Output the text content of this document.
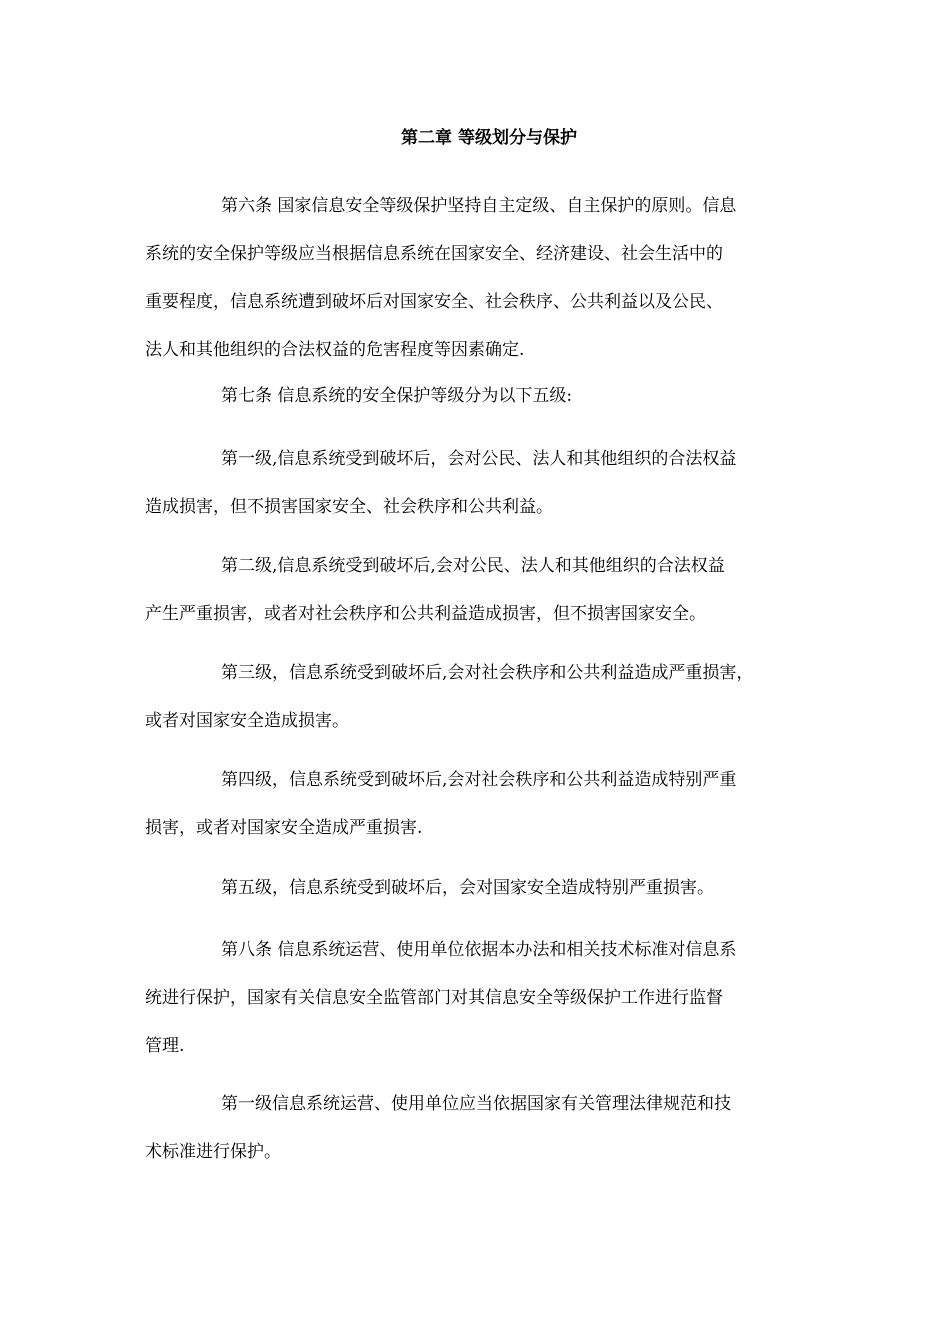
第二章 等级划分与保护
第六条 国家信息安全等级保护坚持自主定级、自主保护的原则。信息
系统的安全保护等级应当根据信息系统在国家安全、经济建设、社会生活中的
重要程度，信息系统遭到破坏后对国家安全、社会秩序、公共利益以及公民、
法人和其他组织的合法权益的危害程度等因素确定.
第七条 信息系统的安全保护等级分为以下五级:
第一级,信息系统受到破坏后，会对公民、法人和其他组织的合法权益
造成损害，但不损害国家安全、社会秩序和公共利益。
第二级,信息系统受到破坏后,会对公民、法人和其他组织的合法权益
产生严重损害，或者对社会秩序和公共利益造成损害，但不损害国家安全。
第三级，信息系统受到破坏后,会对社会秩序和公共利益造成严重损害，
或者对国家安全造成损害。
第四级，信息系统受到破坏后,会对社会秩序和公共利益造成特别严重
损害，或者对国家安全造成严重损害.
第五级，信息系统受到破坏后，会对国家安全造成特别严重损害。
第八条 信息系统运营、使用单位依据本办法和相关技术标准对信息系
统进行保护，国家有关信息安全监管部门对其信息安全等级保护工作进行监督
管理.
第一级信息系统运营、使用单位应当依据国家有关管理法律规范和技
术标准进行保护。
